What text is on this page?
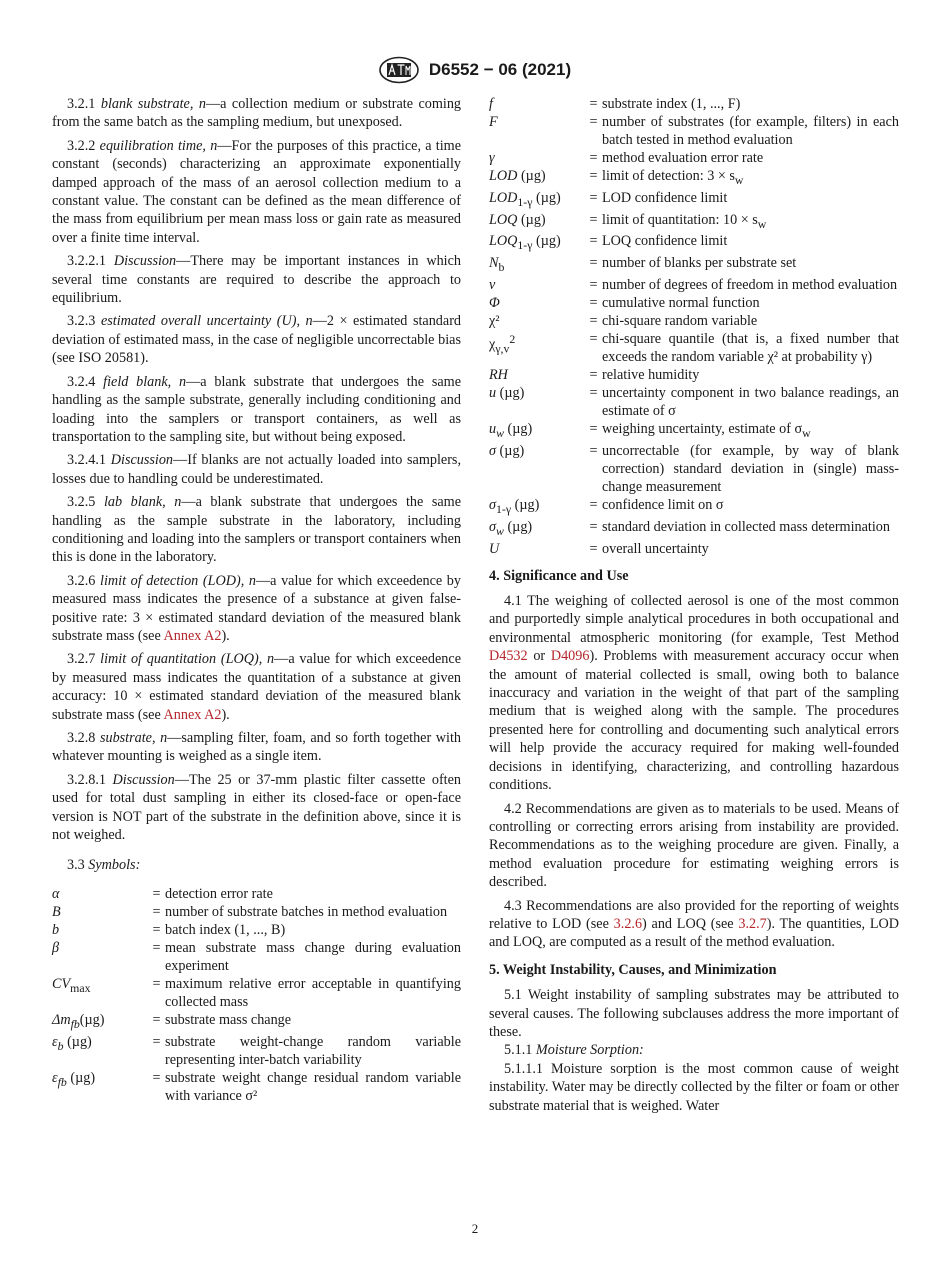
D6552 − 06 (2021)

3.2.1 blank substrate, n—a collection medium or substrate coming from the same batch as the sampling medium, but unexposed.

3.2.2 equilibration time, n—For the purposes of this practice, a time constant (seconds) characterizing an approximate exponentially damped approach of the mass of an aerosol collection medium to a constant value. The constant can be defined as the mean difference of the mass from equilibrium per mean mass loss or gain rate as measured over a finite time interval.

3.2.2.1 Discussion—There may be important instances in which several time constants are required to describe the approach to equilibrium.

3.2.3 estimated overall uncertainty (U), n—2 × estimated standard deviation of estimated mass, in the case of negligible uncorrectable bias (see ISO 20581).

3.2.4 field blank, n—a blank substrate that undergoes the same handling as the sample substrate, generally including conditioning and loading into the samplers or transport containers, as well as transportation to the sampling site, but without being exposed.

3.2.4.1 Discussion—If blanks are not actually loaded into samplers, losses due to handling could be underestimated.

3.2.5 lab blank, n—a blank substrate that undergoes the same handling as the sample substrate in the laboratory, including conditioning and loading into the samplers or transport containers when this is done in the laboratory.

3.2.6 limit of detection (LOD), n—a value for which exceedence by measured mass indicates the presence of a substance at given false-positive rate: 3 × estimated standard deviation of the measured blank substrate mass (see Annex A2).

3.2.7 limit of quantitation (LOQ), n—a value for which exceedence by measured mass indicates the quantitation of a substance at given accuracy: 10 × estimated standard deviation of the measured blank substrate mass (see Annex A2).

3.2.8 substrate, n—sampling filter, foam, and so forth together with whatever mounting is weighed as a single item.

3.2.8.1 Discussion—The 25 or 37-mm plastic filter cassette often used for total dust sampling in either its closed-face or open-face version is NOT part of the substrate in the definition above, since it is not weighed.

3.3 Symbols:

α	= detection error rate
B	= number of substrate batches in method evaluation
b	= batch index (1, ..., B)
β	= mean substrate mass change during evaluation experiment
$CV_{max}$	= maximum relative error acceptable in quantifying collected mass
$\Delta m_{fb}(\mu g)$	= substrate mass change
$\varepsilon_b$ (µg)	= substrate weight-change random variable representing inter-batch variability
$\varepsilon_{fb}$ (µg)	= substrate weight change residual random variable with variance σ²
f	= substrate index (1, ..., F)
F	= number of substrates (for example, filters) in each batch tested in method evaluation
γ	= method evaluation error rate
LOD (µg)	= limit of detection: $3 \times s_w$
$LOD_{1-\gamma}$ (µg)	= LOD confidence limit
LOQ (µg)	= limit of quantitation: $10 \times s_w$
$LOQ_{1-\gamma}$ (µg)	= LOQ confidence limit
$N_b$	= number of blanks per substrate set
v	= number of degrees of freedom in method evaluation
Φ	= cumulative normal function
χ²	= chi-square random variable
$\chi_{\gamma,v}^2$	= chi-square quantile (that is, a fixed number that exceeds the random variable χ² at probability γ)
RH	= relative humidity
u (µg)	= uncertainty component in two balance readings, an estimate of σ
$u_w$ (µg)	= weighing uncertainty, estimate of $\sigma_w$
σ (µg)	= uncorrectable (for example, by way of blank correction) standard deviation in (single) mass-change measurement
$\sigma_{1-\gamma}$ (µg)	= confidence limit on σ
$\sigma_w$ (µg)	= standard deviation in collected mass determination
U	= overall uncertainty
4. Significance and Use

4.1 The weighing of collected aerosol is one of the most common and purportedly simple analytical procedures in both occupational and environmental atmospheric monitoring (for example, Test Method D4532 or D4096). Problems with measurement accuracy occur when the amount of material collected is small, owing both to balance inaccuracy and variation in the weight of that part of the sampling medium that is weighed along with the sample. The procedures presented here for controlling and documenting such analytical errors will help provide the accuracy required for making well-founded decisions in identifying, characterizing, and controlling hazardous conditions.

4.2 Recommendations are given as to materials to be used. Means of controlling or correcting errors arising from instability are provided. Recommendations as to the weighing procedure are given. Finally, a method evaluation procedure for estimating weighing errors is described.

4.3 Recommendations are also provided for the reporting of weights relative to LOD (see 3.2.6) and LOQ (see 3.2.7). The quantities, LOD and LOQ, are computed as a result of the method evaluation.

5. Weight Instability, Causes, and Minimization

5.1 Weight instability of sampling substrates may be attributed to several causes. The following subclauses address the more important of these.

5.1.1 Moisture Sorption:

5.1.1.1 Moisture sorption is the most common cause of weight instability. Water may be directly collected by the filter or foam or other substrate material that is weighed. Water

2
